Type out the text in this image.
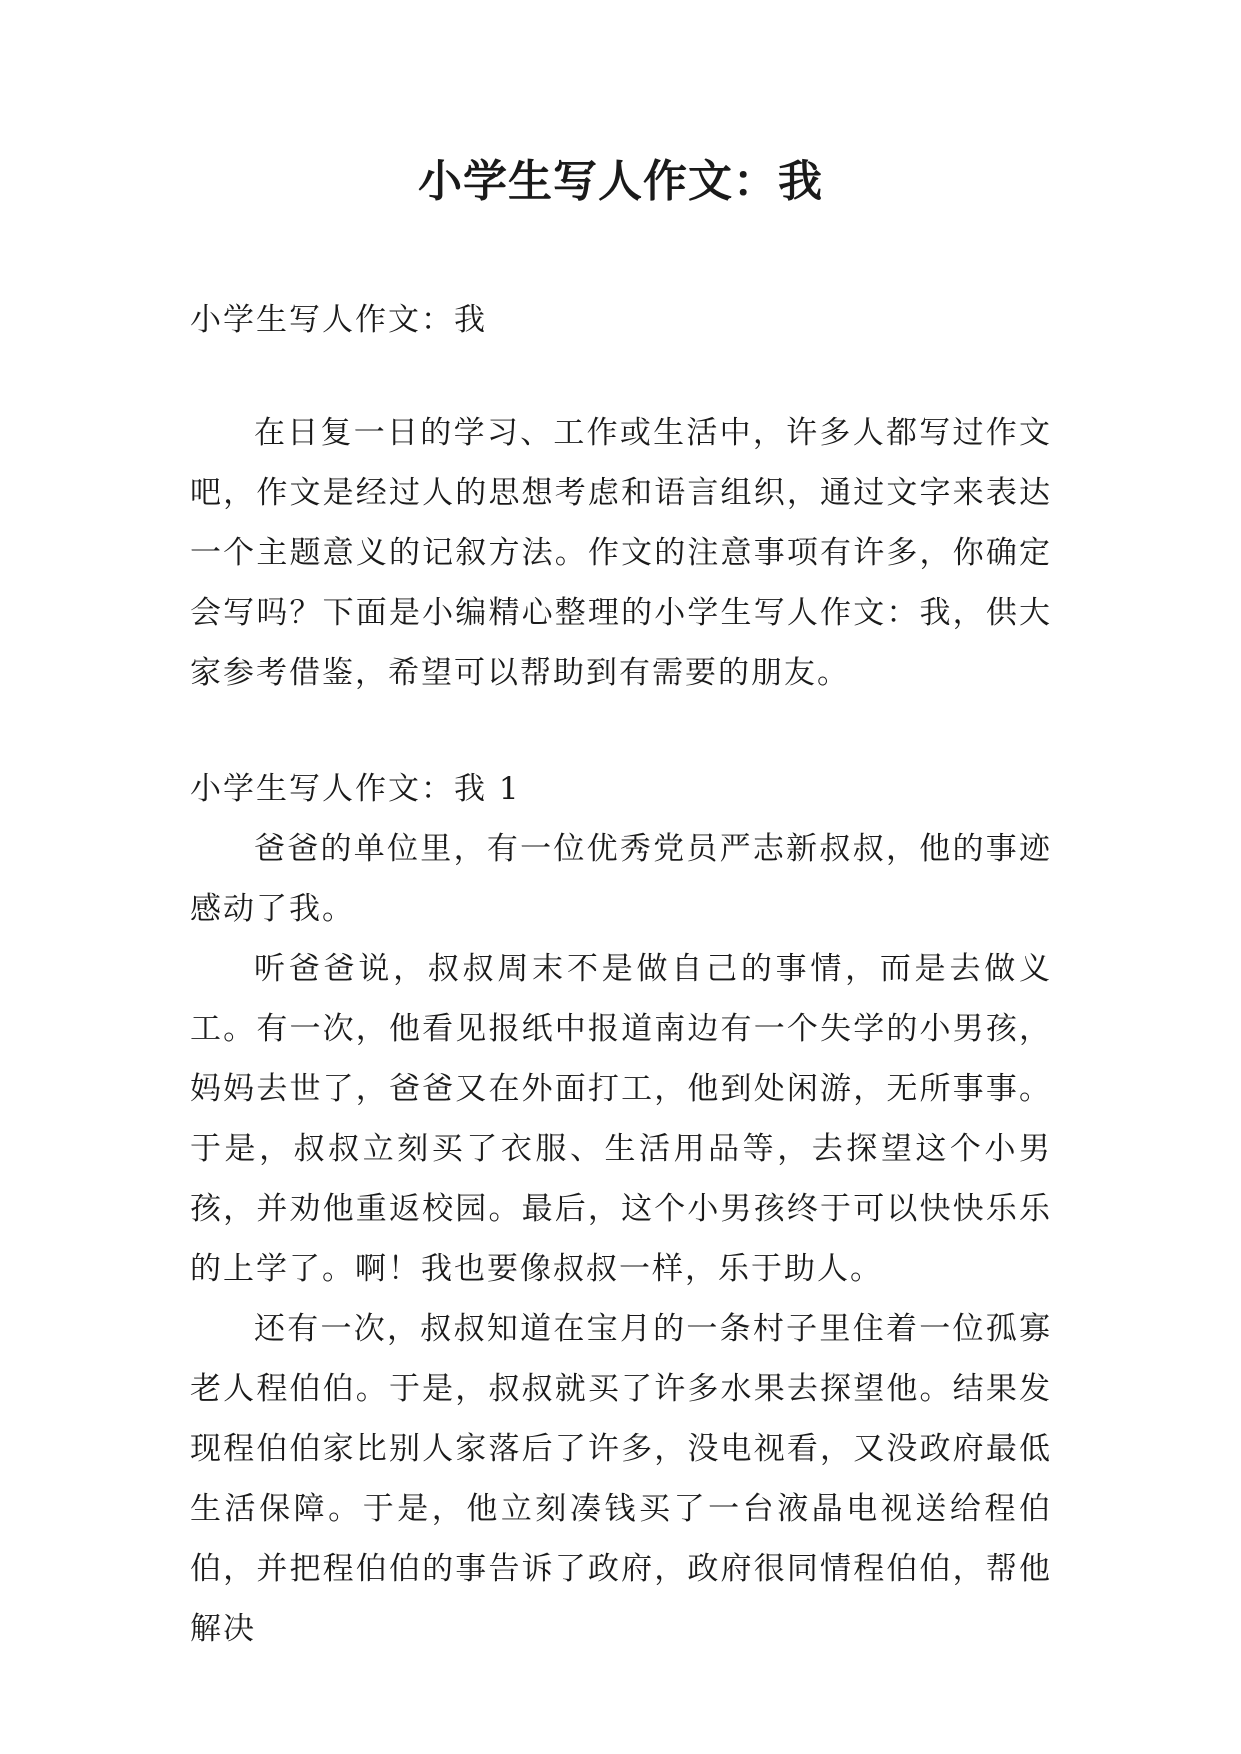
小学生写人作文：我

小学生写人作文：我

在日复一日的学习、工作或生活中，许多人都写过作文吧，作文是经过人的思想考虑和语言组织，通过文字来表达一个主题意义的记叙方法。作文的注意事项有许多，你确定会写吗？下面是小编精心整理的小学生写人作文：我，供大家参考借鉴，希望可以帮助到有需要的朋友。

小学生写人作文：我 1

爸爸的单位里，有一位优秀党员严志新叔叔，他的事迹感动了我。

听爸爸说，叔叔周末不是做自己的事情，而是去做义工。有一次，他看见报纸中报道南边有一个失学的小男孩，妈妈去世了，爸爸又在外面打工，他到处闲游，无所事事。于是，叔叔立刻买了衣服、生活用品等，去探望这个小男孩，并劝他重返校园。最后，这个小男孩终于可以快快乐乐的上学了。啊！我也要像叔叔一样，乐于助人。

还有一次，叔叔知道在宝月的一条村子里住着一位孤寡老人程伯伯。于是，叔叔就买了许多水果去探望他。结果发现程伯伯家比别人家落后了许多，没电视看，又没政府最低生活保障。于是，他立刻凑钱买了一台液晶电视送给程伯伯，并把程伯伯的事告诉了政府，政府很同情程伯伯，帮他解决
